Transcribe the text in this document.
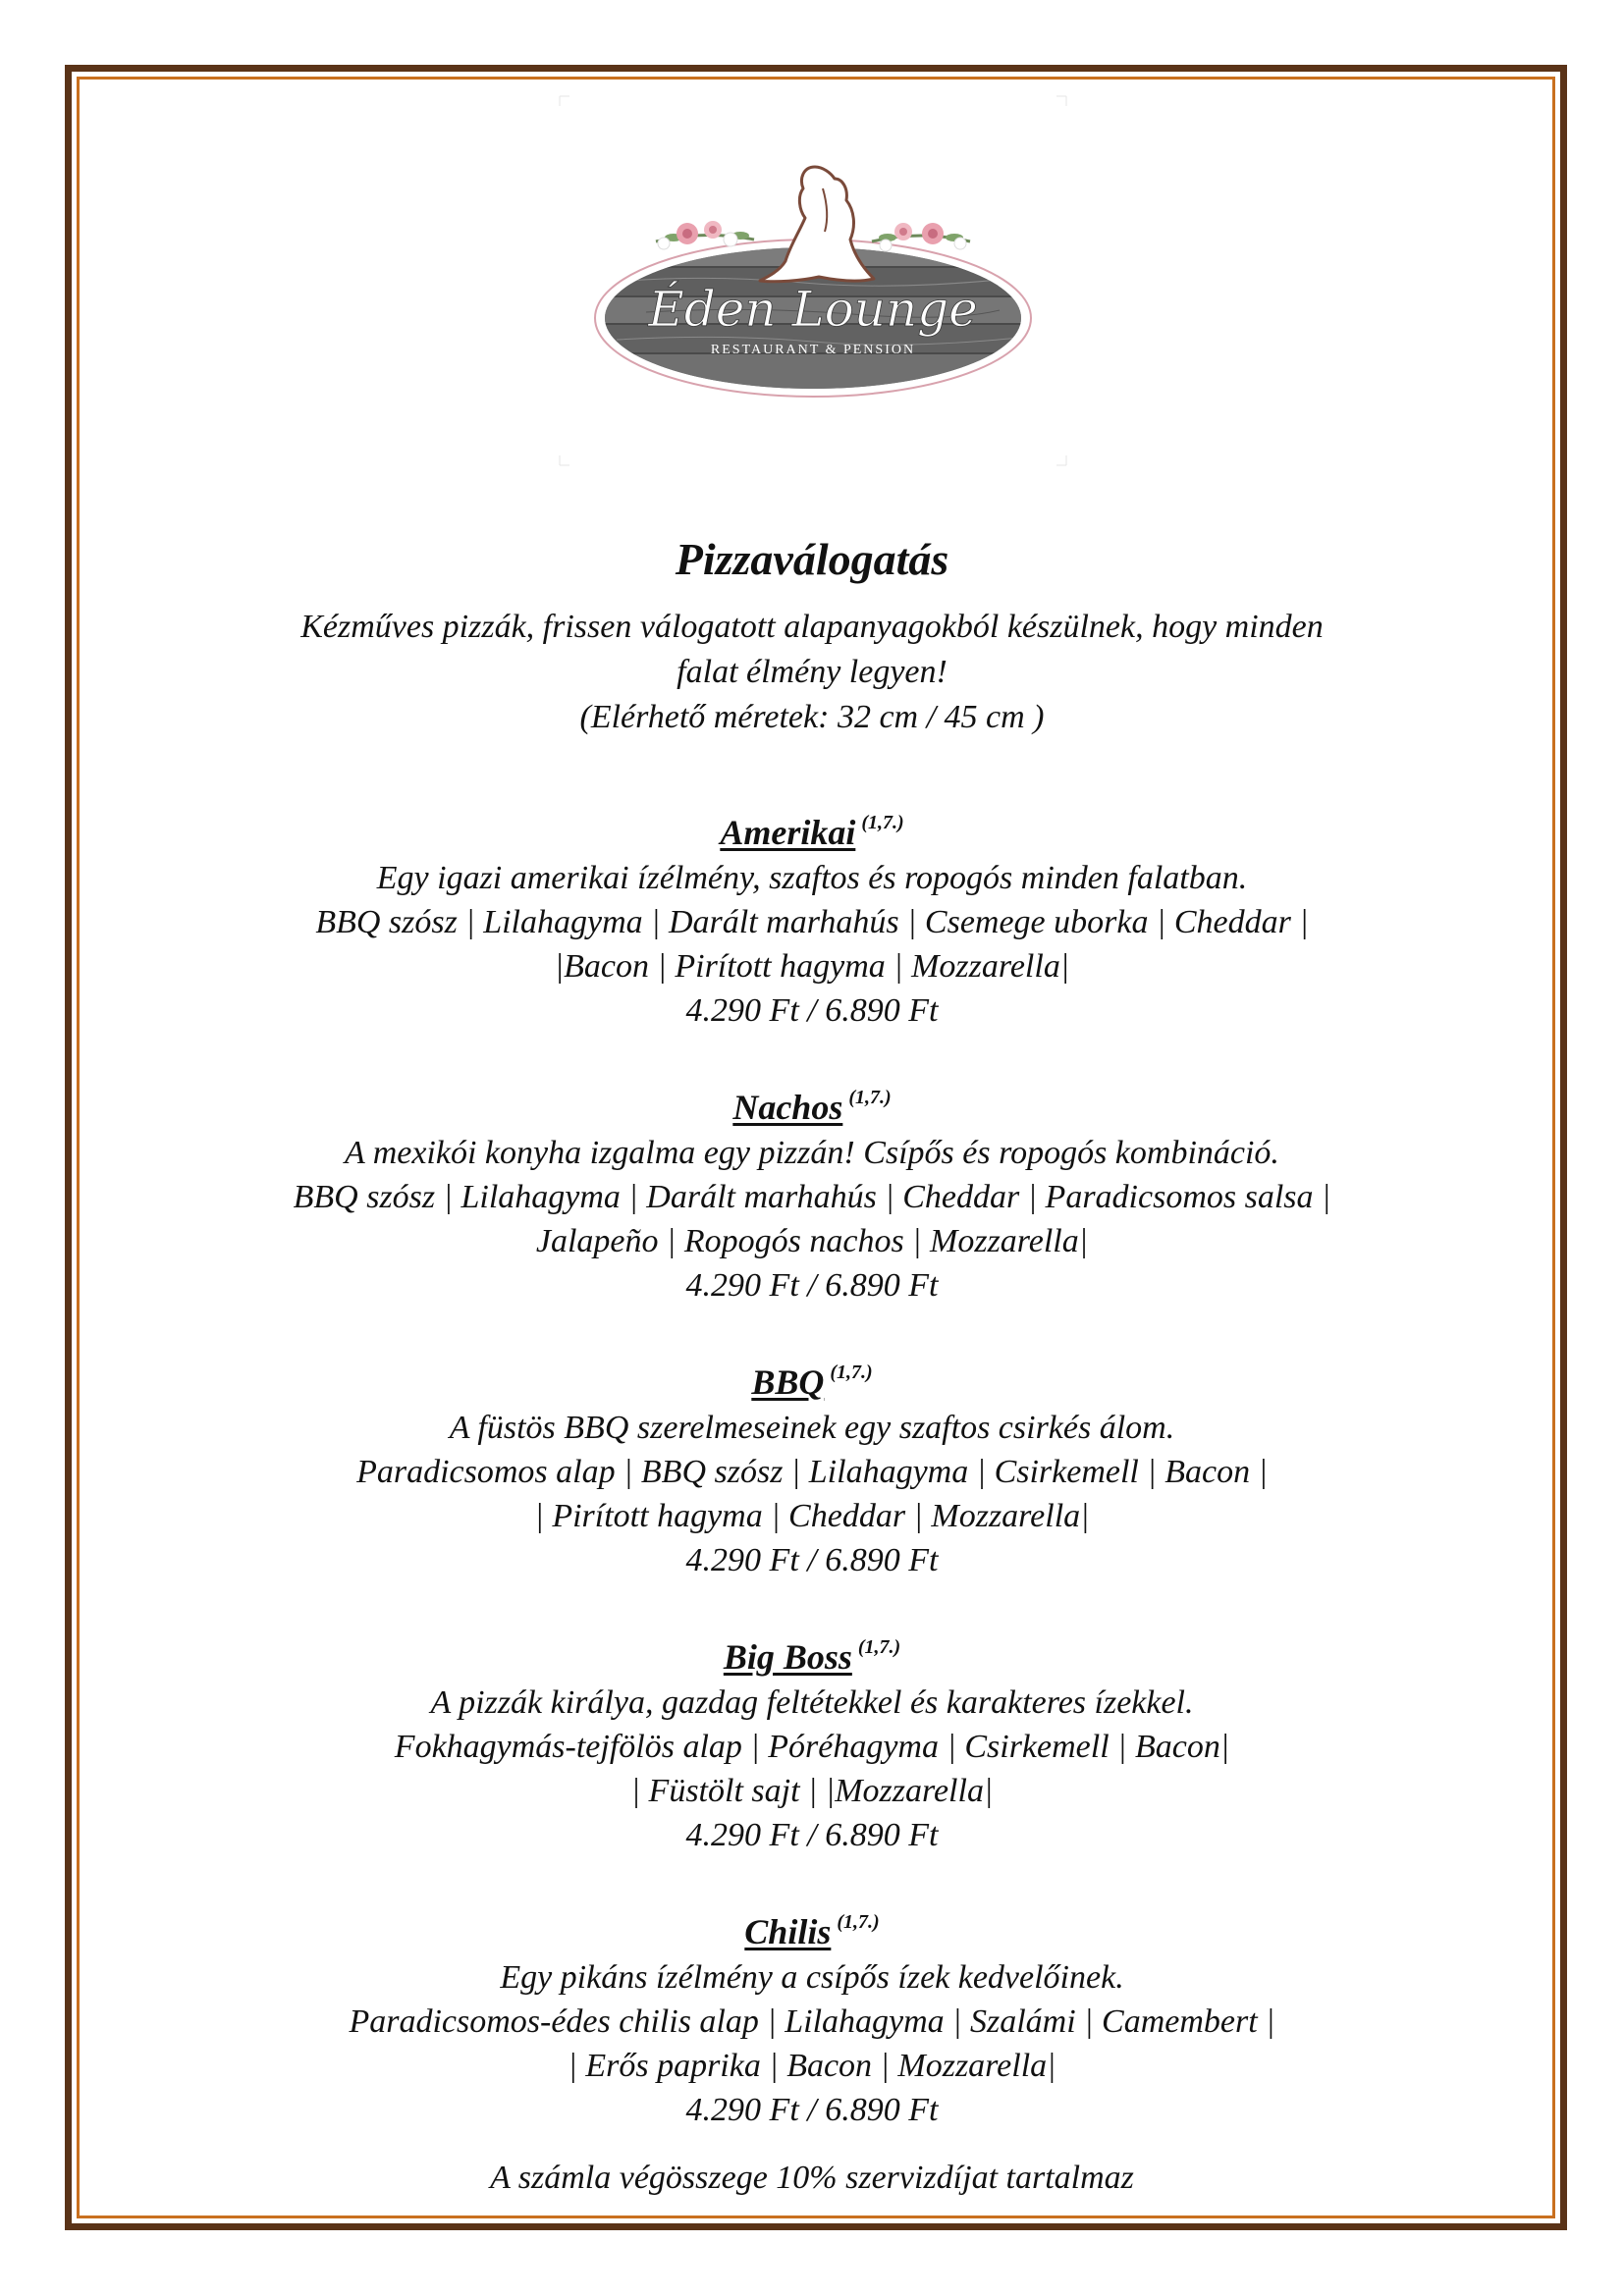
Éden Lounge
RESTAURANT & PENSION
Pizzaválogatás
Kézműves pizzák, frissen válogatott alapanyagokból készülnek, hogy minden
falat élmény legyen!
(Elérhető méretek: 32 cm / 45 cm )
Amerikai $^{(1,7.)}$
Egy igazi amerikai ízélmény, szaftos és ropogós minden falatban.
BBQ szósz | Lilahagyma | Darált marhahús | Csemege uborka | Cheddar |
|Bacon | Pirított hagyma | Mozzarella|
4.290 Ft / 6.890 Ft
Nachos $^{(1,7.)}$
A mexikói konyha izgalma egy pizzán! Csípős és ropogós kombináció.
BBQ szósz | Lilahagyma | Darált marhahús | Cheddar | Paradicsomos salsa |
Jalapeño | Ropogós nachos | Mozzarella|
4.290 Ft / 6.890 Ft
BBQ $^{(1,7.)}$
A füstös BBQ szerelmeseinek egy szaftos csirkés álom.
Paradicsomos alap | BBQ szósz | Lilahagyma | Csirkemell | Bacon |
| Pirított hagyma | Cheddar | Mozzarella|
4.290 Ft / 6.890 Ft
Big Boss $^{(1,7.)}$
A pizzák királya, gazdag feltétekkel és karakteres ízekkel.
Fokhagymás-tejfölös alap | Póréhagyma | Csirkemell | Bacon|
| Füstölt sajt | |Mozzarella|
4.290 Ft / 6.890 Ft
Chilis $^{(1,7.)}$
Egy pikáns ízélmény a csípős ízek kedvelőinek.
Paradicsomos-édes chilis alap | Lilahagyma | Szalámi | Camembert |
| Erős paprika | Bacon | Mozzarella|
4.290 Ft / 6.890 Ft
A számla végösszege 10% szervizdíjat tartalmaz
